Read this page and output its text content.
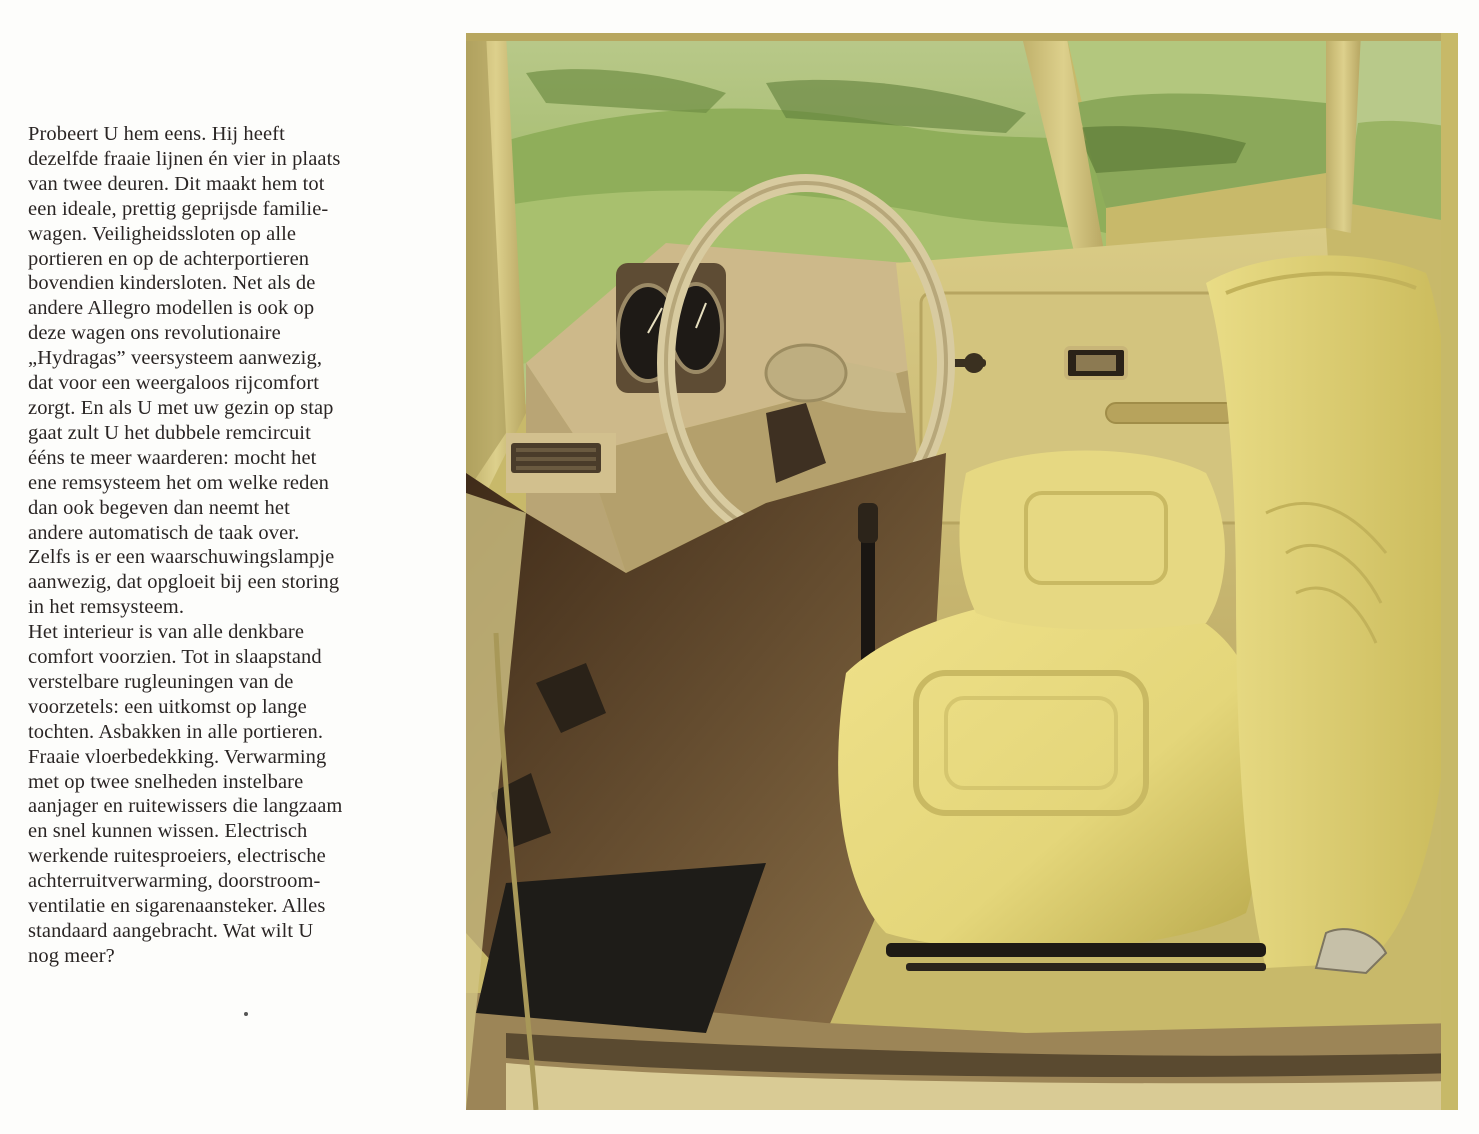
Probeert U hem eens. Hij heeft
dezelfde fraaie lijnen én vier in plaats
van twee deuren. Dit maakt hem tot
een ideale, prettig geprijsde familie-
wagen. Veiligheidssloten op alle
portieren en op de achterportieren
bovendien kindersloten. Net als de
andere Allegro modellen is ook op
deze wagen ons revolutionaire
„Hydragas” veersysteem aanwezig,
dat voor een weergaloos rijcomfort
zorgt. En als U met uw gezin op stap
gaat zult U het dubbele remcircuit
ééns te meer waarderen: mocht het
ene remsysteem het om welke reden
dan ook begeven dan neemt het
andere automatisch de taak over.
Zelfs is er een waarschuwingslampje
aanwezig, dat opgloeit bij een storing
in het remsysteem.
Het interieur is van alle denkbare
comfort voorzien. Tot in slaapstand
verstelbare rugleuningen van de
voorzetels: een uitkomst op lange
tochten. Asbakken in alle portieren.
Fraaie vloerbedekking. Verwarming
met op twee snelheden instelbare
aanjager en ruitewissers die langzaam
en snel kunnen wissen. Electrisch
werkende ruitesproeiers, electrische
achterruitverwarming, doorstroom-
ventilatie en sigarenaansteker. Alles
standaard aangebracht. Wat wilt U
nog meer?
